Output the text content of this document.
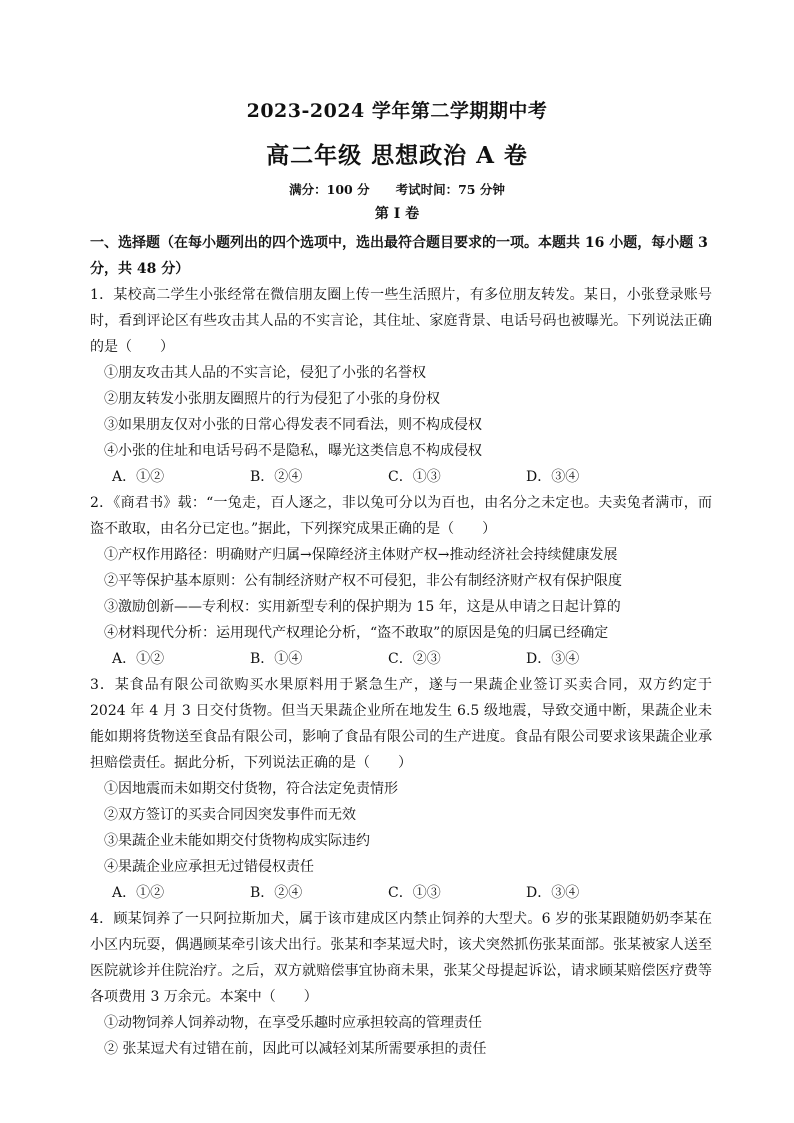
2023-2024 学年第二学期期中考
高二年级 思想政治 A 卷
满分：100 分 考试时间：75 分钟
第 I 卷

一、选择题（在每小题列出的四个选项中，选出最符合题目要求的一项。本题共 16 小题，每小题 3 分，共 48 分）

1．某校高二学生小张经常在微信朋友圈上传一些生活照片，有多位朋友转发。某日，小张登录账号时，看到评论区有些攻击其人品的不实言论，其住址、家庭背景、电话号码也被曝光。下列说法正确的是（　　）

①朋友攻击其人品的不实言论，侵犯了小张的名誉权

②朋友转发小张朋友圈照片的行为侵犯了小张的身份权

③如果朋友仅对小张的日常心得发表不同看法，则不构成侵权

④小张的住址和电话号码不是隐私，曝光这类信息不构成侵权

A．①②	B．②④	C．①③	D．③④

2．《商君书》载：“一兔走，百人逐之，非以兔可分以为百也，由名分之未定也。夫卖兔者满市，而盗不敢取，由名分已定也。”据此，下列探究成果正确的是（　　）

①产权作用路径：明确财产归属→保障经济主体财产权→推动经济社会持续健康发展

②平等保护基本原则：公有制经济财产权不可侵犯，非公有制经济财产权有保护限度

③激励创新——专利权：实用新型专利的保护期为 15 年，这是从申请之日起计算的

④材料现代分析：运用现代产权理论分析，“盗不敢取”的原因是兔的归属已经确定

A．①②	B．①④	C．②③	D．③④

3．某食品有限公司欲购买水果原料用于紧急生产，遂与一果蔬企业签订买卖合同，双方约定于 2024 年 4 月 3 日交付货物。但当天果蔬企业所在地发生 6.5 级地震，导致交通中断，果蔬企业未能如期将货物送至食品有限公司，影响了食品有限公司的生产进度。食品有限公司要求该果蔬企业承担赔偿责任。据此分析，下列说法正确的是（　　）

①因地震而未如期交付货物，符合法定免责情形

②双方签订的买卖合同因突发事件而无效

③果蔬企业未能如期交付货物构成实际违约

④果蔬企业应承担无过错侵权责任

A．①②	B．②④	C．①③	D．③④

4．顾某饲养了一只阿拉斯加犬，属于该市建成区内禁止饲养的大型犬。6 岁的张某跟随奶奶李某在小区内玩耍，偶遇顾某牵引该犬出行。张某和李某逗犬时，该犬突然抓伤张某面部。张某被家人送至医院就诊并住院治疗。之后，双方就赔偿事宜协商未果，张某父母提起诉讼，请求顾某赔偿医疗费等各项费用 3 万余元。本案中（　　）

①动物饲养人饲养动物，在享受乐趣时应承担较高的管理责任

② 张某逗犬有过错在前，因此可以减轻刘某所需要承担的责任
